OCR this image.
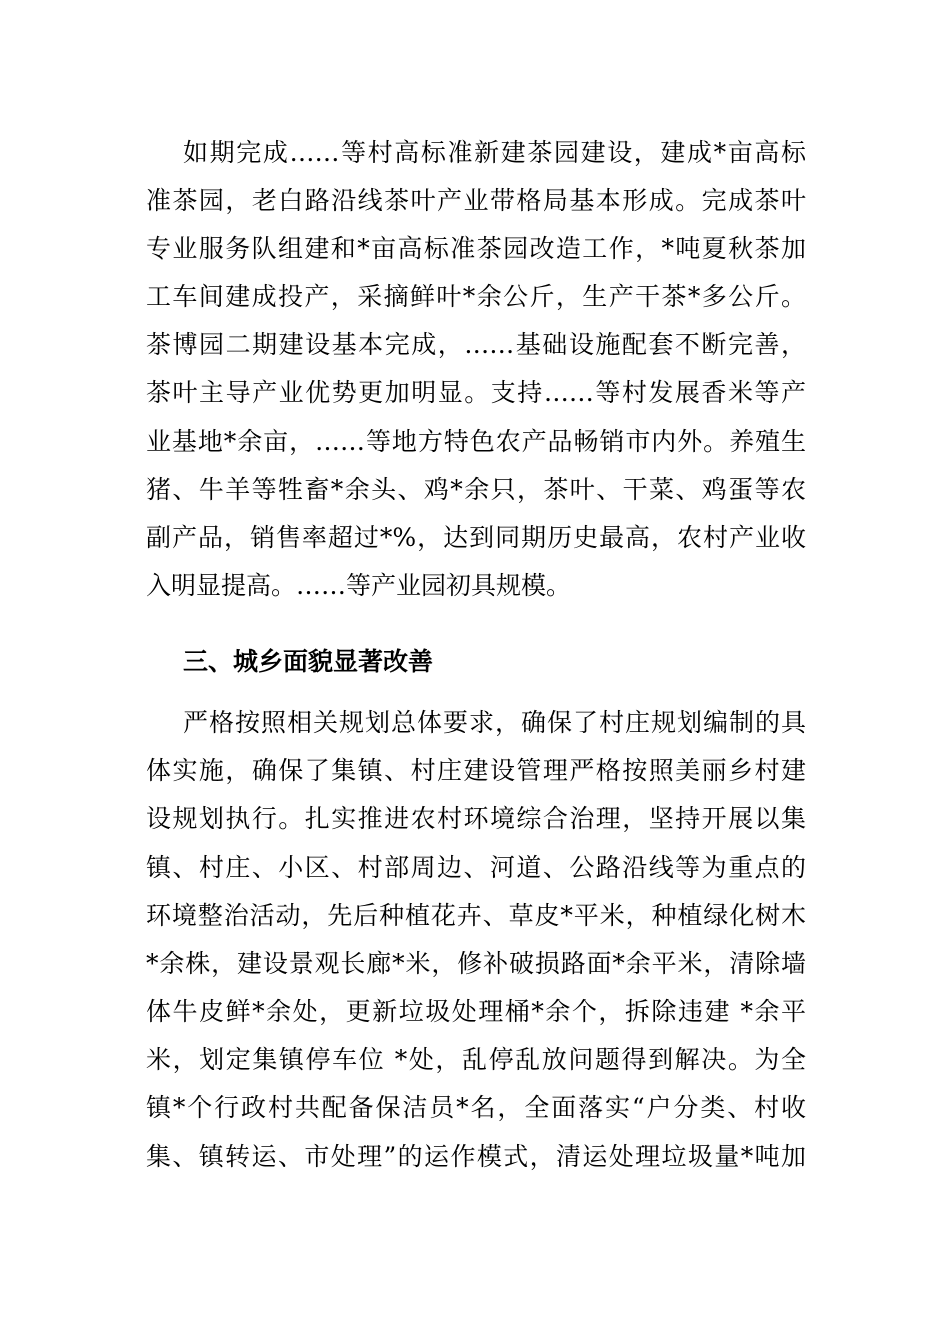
如期完成……等村高标准新建茶园建设，建成*亩高标
准茶园，老白路沿线茶叶产业带格局基本形成。完成茶叶
专业服务队组建和*亩高标准茶园改造工作，*吨夏秋茶加
工车间建成投产，采摘鲜叶*余公斤，生产干茶*多公斤。
茶博园二期建设基本完成，……基础设施配套不断完善，
茶叶主导产业优势更加明显。支持……等村发展香米等产
业基地*余亩，……等地方特色农产品畅销市内外。养殖生
猪、牛羊等牲畜*余头、鸡*余只，茶叶、干菜、鸡蛋等农
副产品，销售率超过*%，达到同期历史最高，农村产业收
入明显提高。……等产业园初具规模。
三、城乡面貌显著改善
严格按照相关规划总体要求，确保了村庄规划编制的具
体实施，确保了集镇、村庄建设管理严格按照美丽乡村建
设规划执行。扎实推进农村环境综合治理，坚持开展以集
镇、村庄、小区、村部周边、河道、公路沿线等为重点的
环境整治活动，先后种植花卉、草皮*平米，种植绿化树木
*余株，建设景观长廊*米，修补破损路面*余平米，清除墙
体牛皮鲜*余处，更新垃圾处理桶*余个，拆除违建 *余平
米，划定集镇停车位 *处，乱停乱放问题得到解决。为全
镇*个行政村共配备保洁员*名，全面落实“户分类、村收
集、镇转运、市处理”的运作模式，清运处理垃圾量*吨加
